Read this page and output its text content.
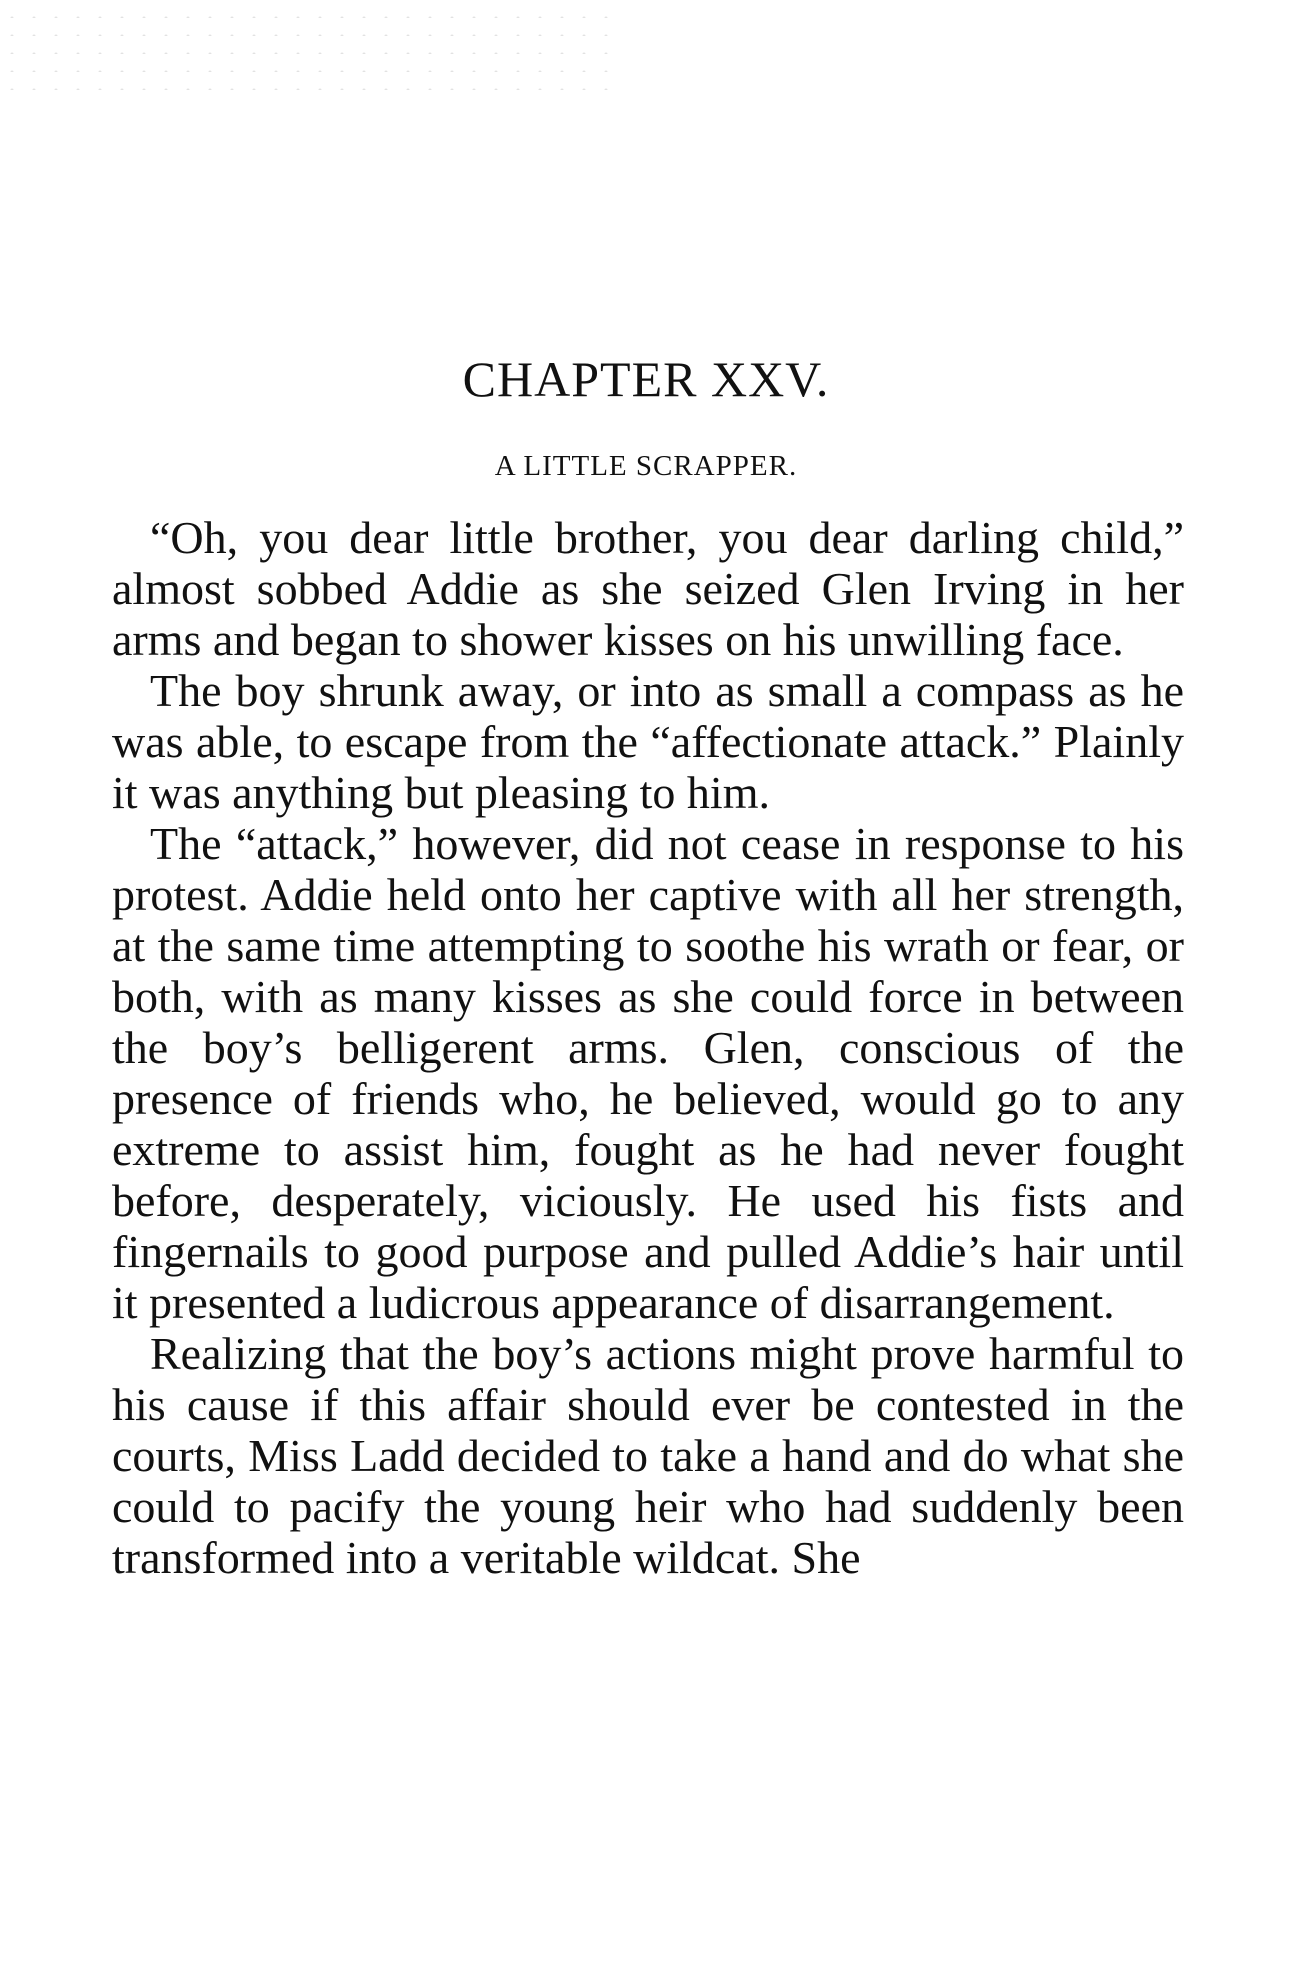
CHAPTER XXV.
A LITTLE SCRAPPER.

“Oh, you dear little brother, you dear darling child,” almost sobbed Addie as she seized Glen Irving in her arms and began to shower kisses on his unwilling face.

The boy shrunk away, or into as small a compass as he was able, to escape from the “affectionate attack.” Plainly it was anything but pleasing to him.

The “attack,” however, did not cease in response to his protest. Addie held onto her captive with all her strength, at the same time attempting to soothe his wrath or fear, or both, with as many kisses as she could force in between the boy’s belligerent arms. Glen, conscious of the presence of friends who, he believed, would go to any extreme to assist him, fought as he had never fought before, desperately, viciously. He used his fists and fingernails to good purpose and pulled Addie’s hair until it presented a ludicrous appearance of disarrangement.

Realizing that the boy’s actions might prove harmful to his cause if this affair should ever be contested in the courts, Miss Ladd decided to take a hand and do what she could to pacify the young heir who had suddenly been transformed into a veritable wildcat. She
